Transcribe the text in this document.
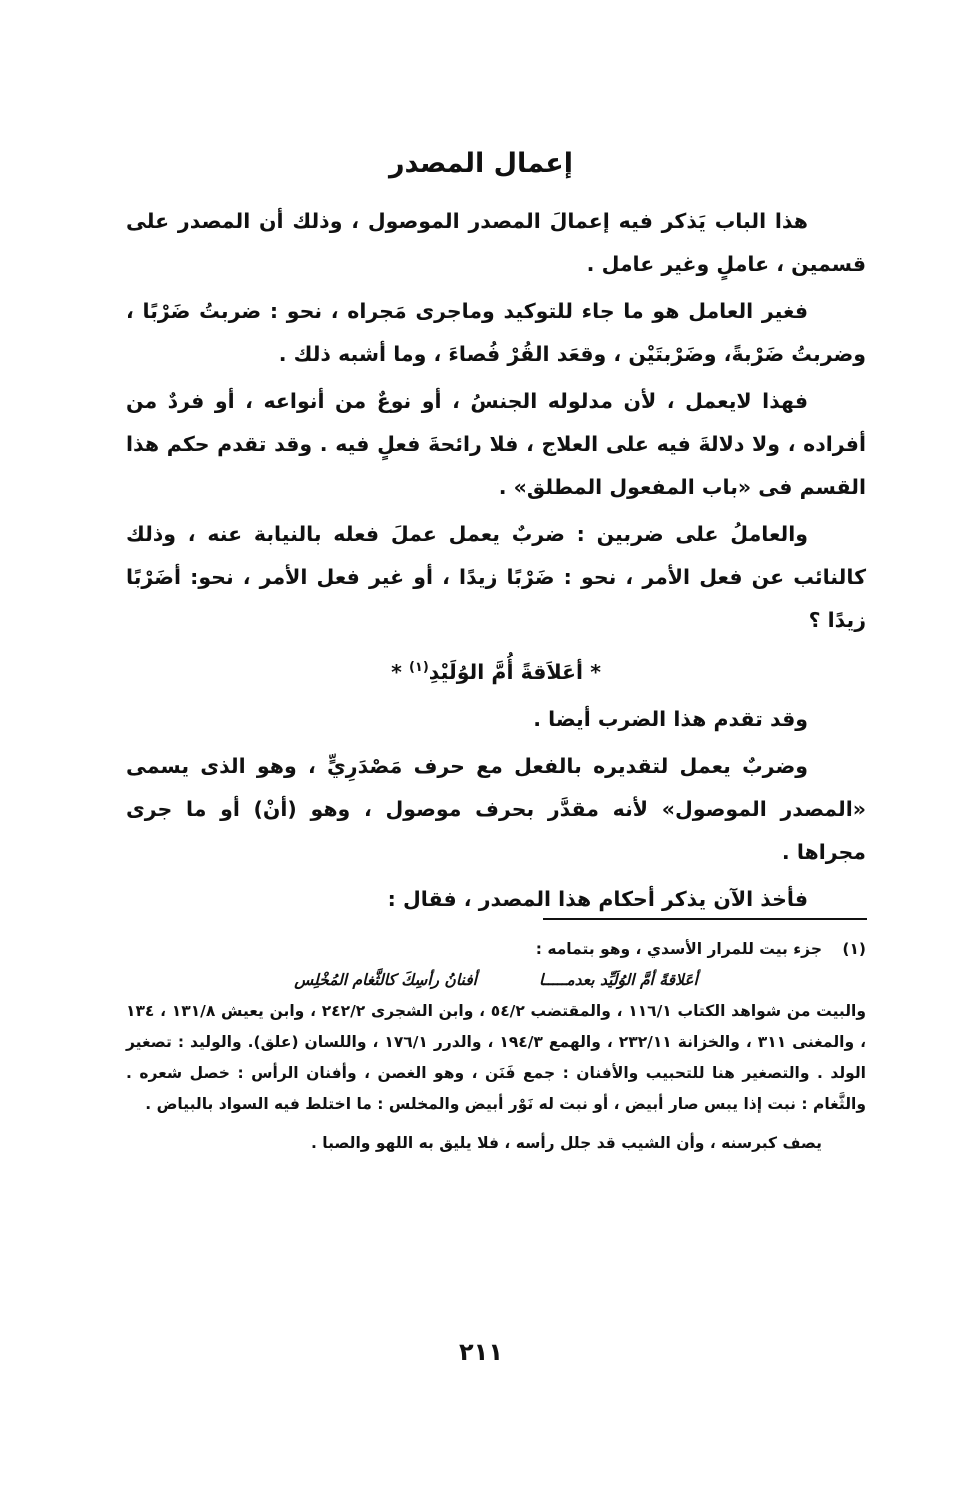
إعمال المصدر

هذا الباب يَذكر فيه إعمالَ المصدر الموصول ، وذلك أن المصدر على قسمين ، عاملٍ وغير عامل .

فغير العامل هو ما جاء للتوكيد وماجرى مَجراه ، نحو : ضربتُ ضَرْبًا ، وضربتُ ضَرْبةً، وضَرْبتَيْن ، وقعَد القُرْ فُصاءَ ، وما أشبه ذلك .

فهذا لايعمل ، لأن مدلوله الجنسُ ، أو نوعٌ من أنواعه ، أو فردٌ من أفراده ، ولا دلالةَ فيه على العلاج ، فلا رائحةَ فعلٍ فيه . وقد تقدم حكم هذا القسم فى «باب المفعول المطلق» .

والعاملُ على ضربين : ضربٌ يعمل عملَ فعله بالنيابة عنه ، وذلك كالنائب عن فعل الأمر ، نحو : ضَرْبًا زيدًا ، أو غير فعل الأمر ، نحو: أضَرْبًا زيدًا ؟

* أعَلاَقةً أُمَّ الوُلَيْدِ$^{(١)}$ *

وقد تقدم هذا الضرب أيضا .

وضربٌ يعمل لتقديره بالفعل مع حرف مَصْدَرِيٍّ ، وهو الذى يسمى «المصدر الموصول» لأنه مقدَّر بحرف موصول ، وهو (أنْ) أو ما جرى مجراها .

فأخذ الآن يذكر أحكام هذا المصدر ، فقال :

(١)
جزء بيت للمرار الأسدي ، وهو بتمامه :
أعَلاقةً أمَّ الوُلَيِّد بعدمـــــا
أفنانُ رأسِكَ كالثَّغام المُخْلِس

والبيت من شواهد الكتاب ١١٦/١ ، والمقتضب ٥٤/٢ ، وابن الشجرى ٢٤٢/٢ ، وابن يعيش ١٣١/٨ ، ١٣٤ ، والمغنى ٣١١ ، والخزانة ٢٣٢/١١ ، والهمع ١٩٤/٣ ، والدرر ١٧٦/١ ، واللسان (علق). والوليد : تصغير الولد . والتصغير هنا للتحبيب والأفنان : جمع فَنَن ، وهو الغصن ، وأفنان الرأس : خصل شعره . والثَّغام : نبت إذا يبس صار أبيض ، أو نبت له نَوْر أبيض والمخلس : ما اختلط فيه السواد بالبياض .

يصف كبرسنه ، وأن الشيب قد جلل رأسه ، فلا يليق به اللهو والصبا .

٢١١
